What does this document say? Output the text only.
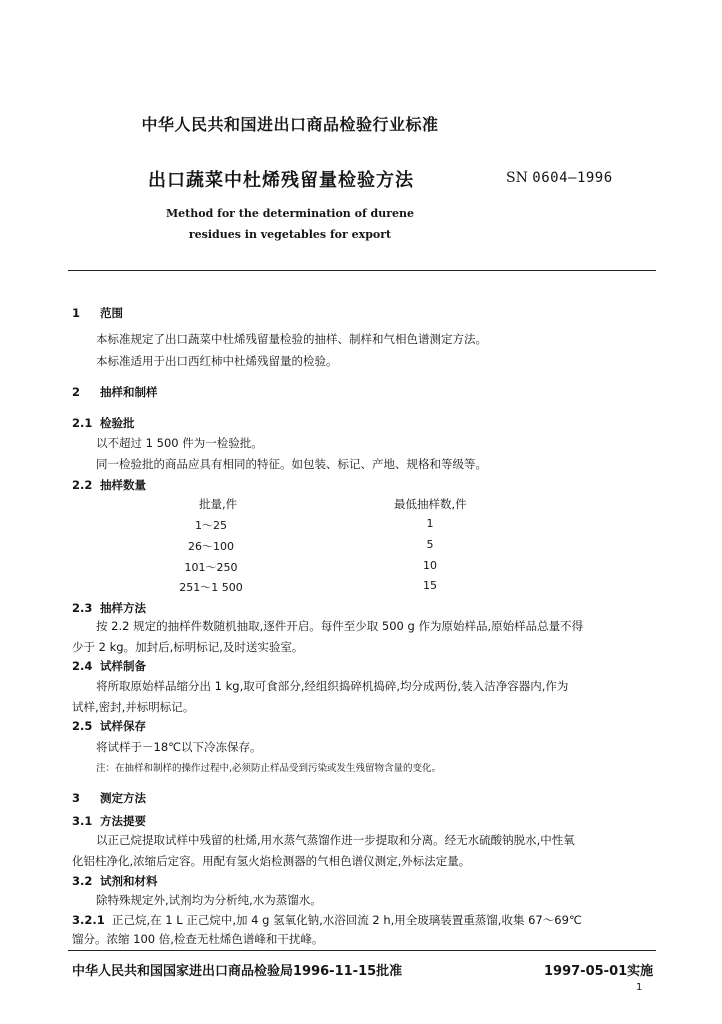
中华人民共和国进出口商品检验行业标准
出口蔬菜中杜烯残留量检验方法	SN 0604—1996
Method for the determination of durene
residues in vegetables for export
1 范围
本标准规定了出口蔬菜中杜烯残留量检验的抽样、制样和气相色谱测定方法。
本标准适用于出口西红柿中杜烯残留量的检验。
2 抽样和制样
2.1 检验批
以不超过 1 500 件为一检验批。
同一检验批的商品应具有相同的特征。如包装、标记、产地、规格和等级等。
2.2 抽样数量
批量,件	最低抽样数,件
1～25	1
26～100	5
101～250	10
251～1 500	15
2.3 抽样方法
按 2.2 规定的抽样件数随机抽取,逐件开启。每件至少取 500 g 作为原始样品,原始样品总量不得
少于 2 kg。加封后,标明标记,及时送实验室。
2.4 试样制备
将所取原始样品缩分出 1 kg,取可食部分,经组织捣碎机捣碎,均分成两份,装入洁净容器内,作为
试样,密封,并标明标记。
2.5 试样保存
将试样于－18℃以下冷冻保存。
注：在抽样和制样的操作过程中,必须防止样品受到污染或发生残留物含量的变化。
3 测定方法
3.1 方法提要
以正己烷提取试样中残留的杜烯,用水蒸气蒸馏作进一步提取和分离。经无水硫酸钠脱水,中性氧
化铝柱净化,浓缩后定容。用配有氢火焰检测器的气相色谱仪测定,外标法定量。
3.2 试剂和材料
除特殊规定外,试剂均为分析纯,水为蒸馏水。
3.2.1 正己烷,在 1 L 正己烷中,加 4 g 氢氧化钠,水浴回流 2 h,用全玻璃装置重蒸馏,收集 67～69℃
馏分。浓缩 100 倍,检查无杜烯色谱峰和干扰峰。
中华人民共和国国家进出口商品检验局1996-11-15批准	1997-05-01实施
1
